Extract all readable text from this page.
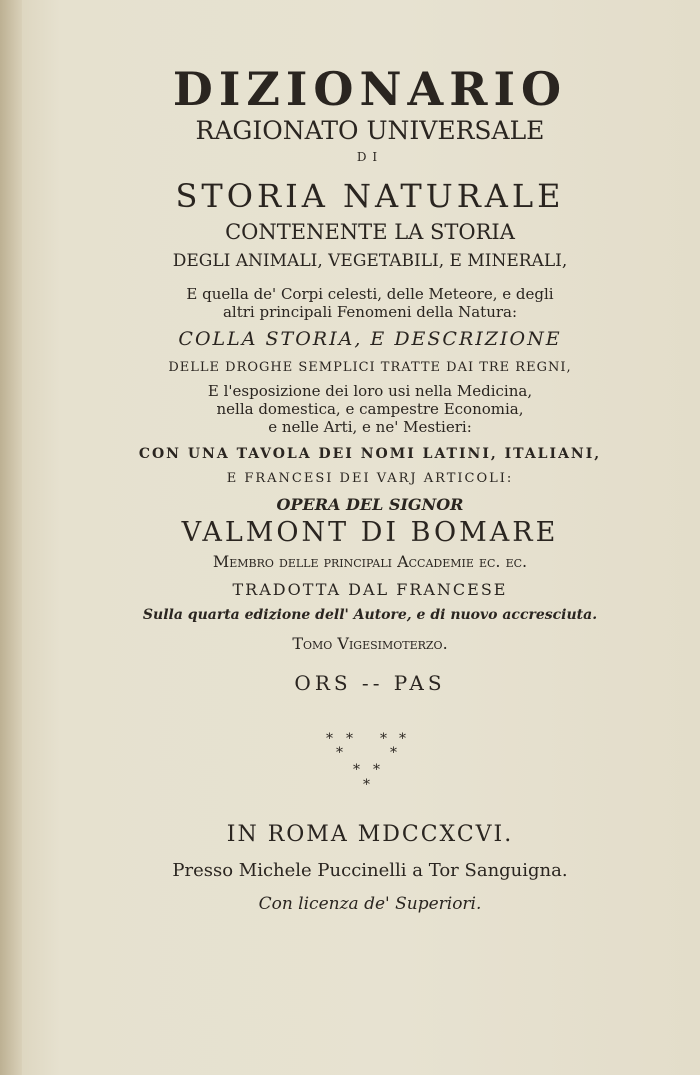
DIZIONARIO
RAGIONATO UNIVERSALE
DI
STORIA NATURALE
CONTENENTE LA STORIA
DEGLI ANIMALI, VEGETABILI, E MINERALI,
E quella de' Corpi celesti, delle Meteore, e degli
altri principali Fenomeni della Natura:
COLLA STORIA, E DESCRIZIONE
DELLE DROGHE SEMPLICI TRATTE DAI TRE REGNI,
E l'esposizione dei loro usi nella Medicina,
nella domestica, e campestre Economia,
e nelle Arti, e ne' Mestieri:
CON UNA TAVOLA DEI NOMI LATINI, ITALIANI,
E FRANCESI DEI VARJ ARTICOLI:
OPERA DEL SIGNOR
VALMONT DI BOMARE
Membro delle principali Accademie ec. ec.
TRADOTTA DAL FRANCESE
Sulla quarta edizione dell' Autore, e di nuovo accresciuta.
Tomo Vigesimoterzo.
ORS -- PAS
* * * *
*	*
* *
*
IN ROMA MDCCXCVI.
Presso Michele Puccinelli a Tor Sanguigna.
Con licenza de' Superiori.
